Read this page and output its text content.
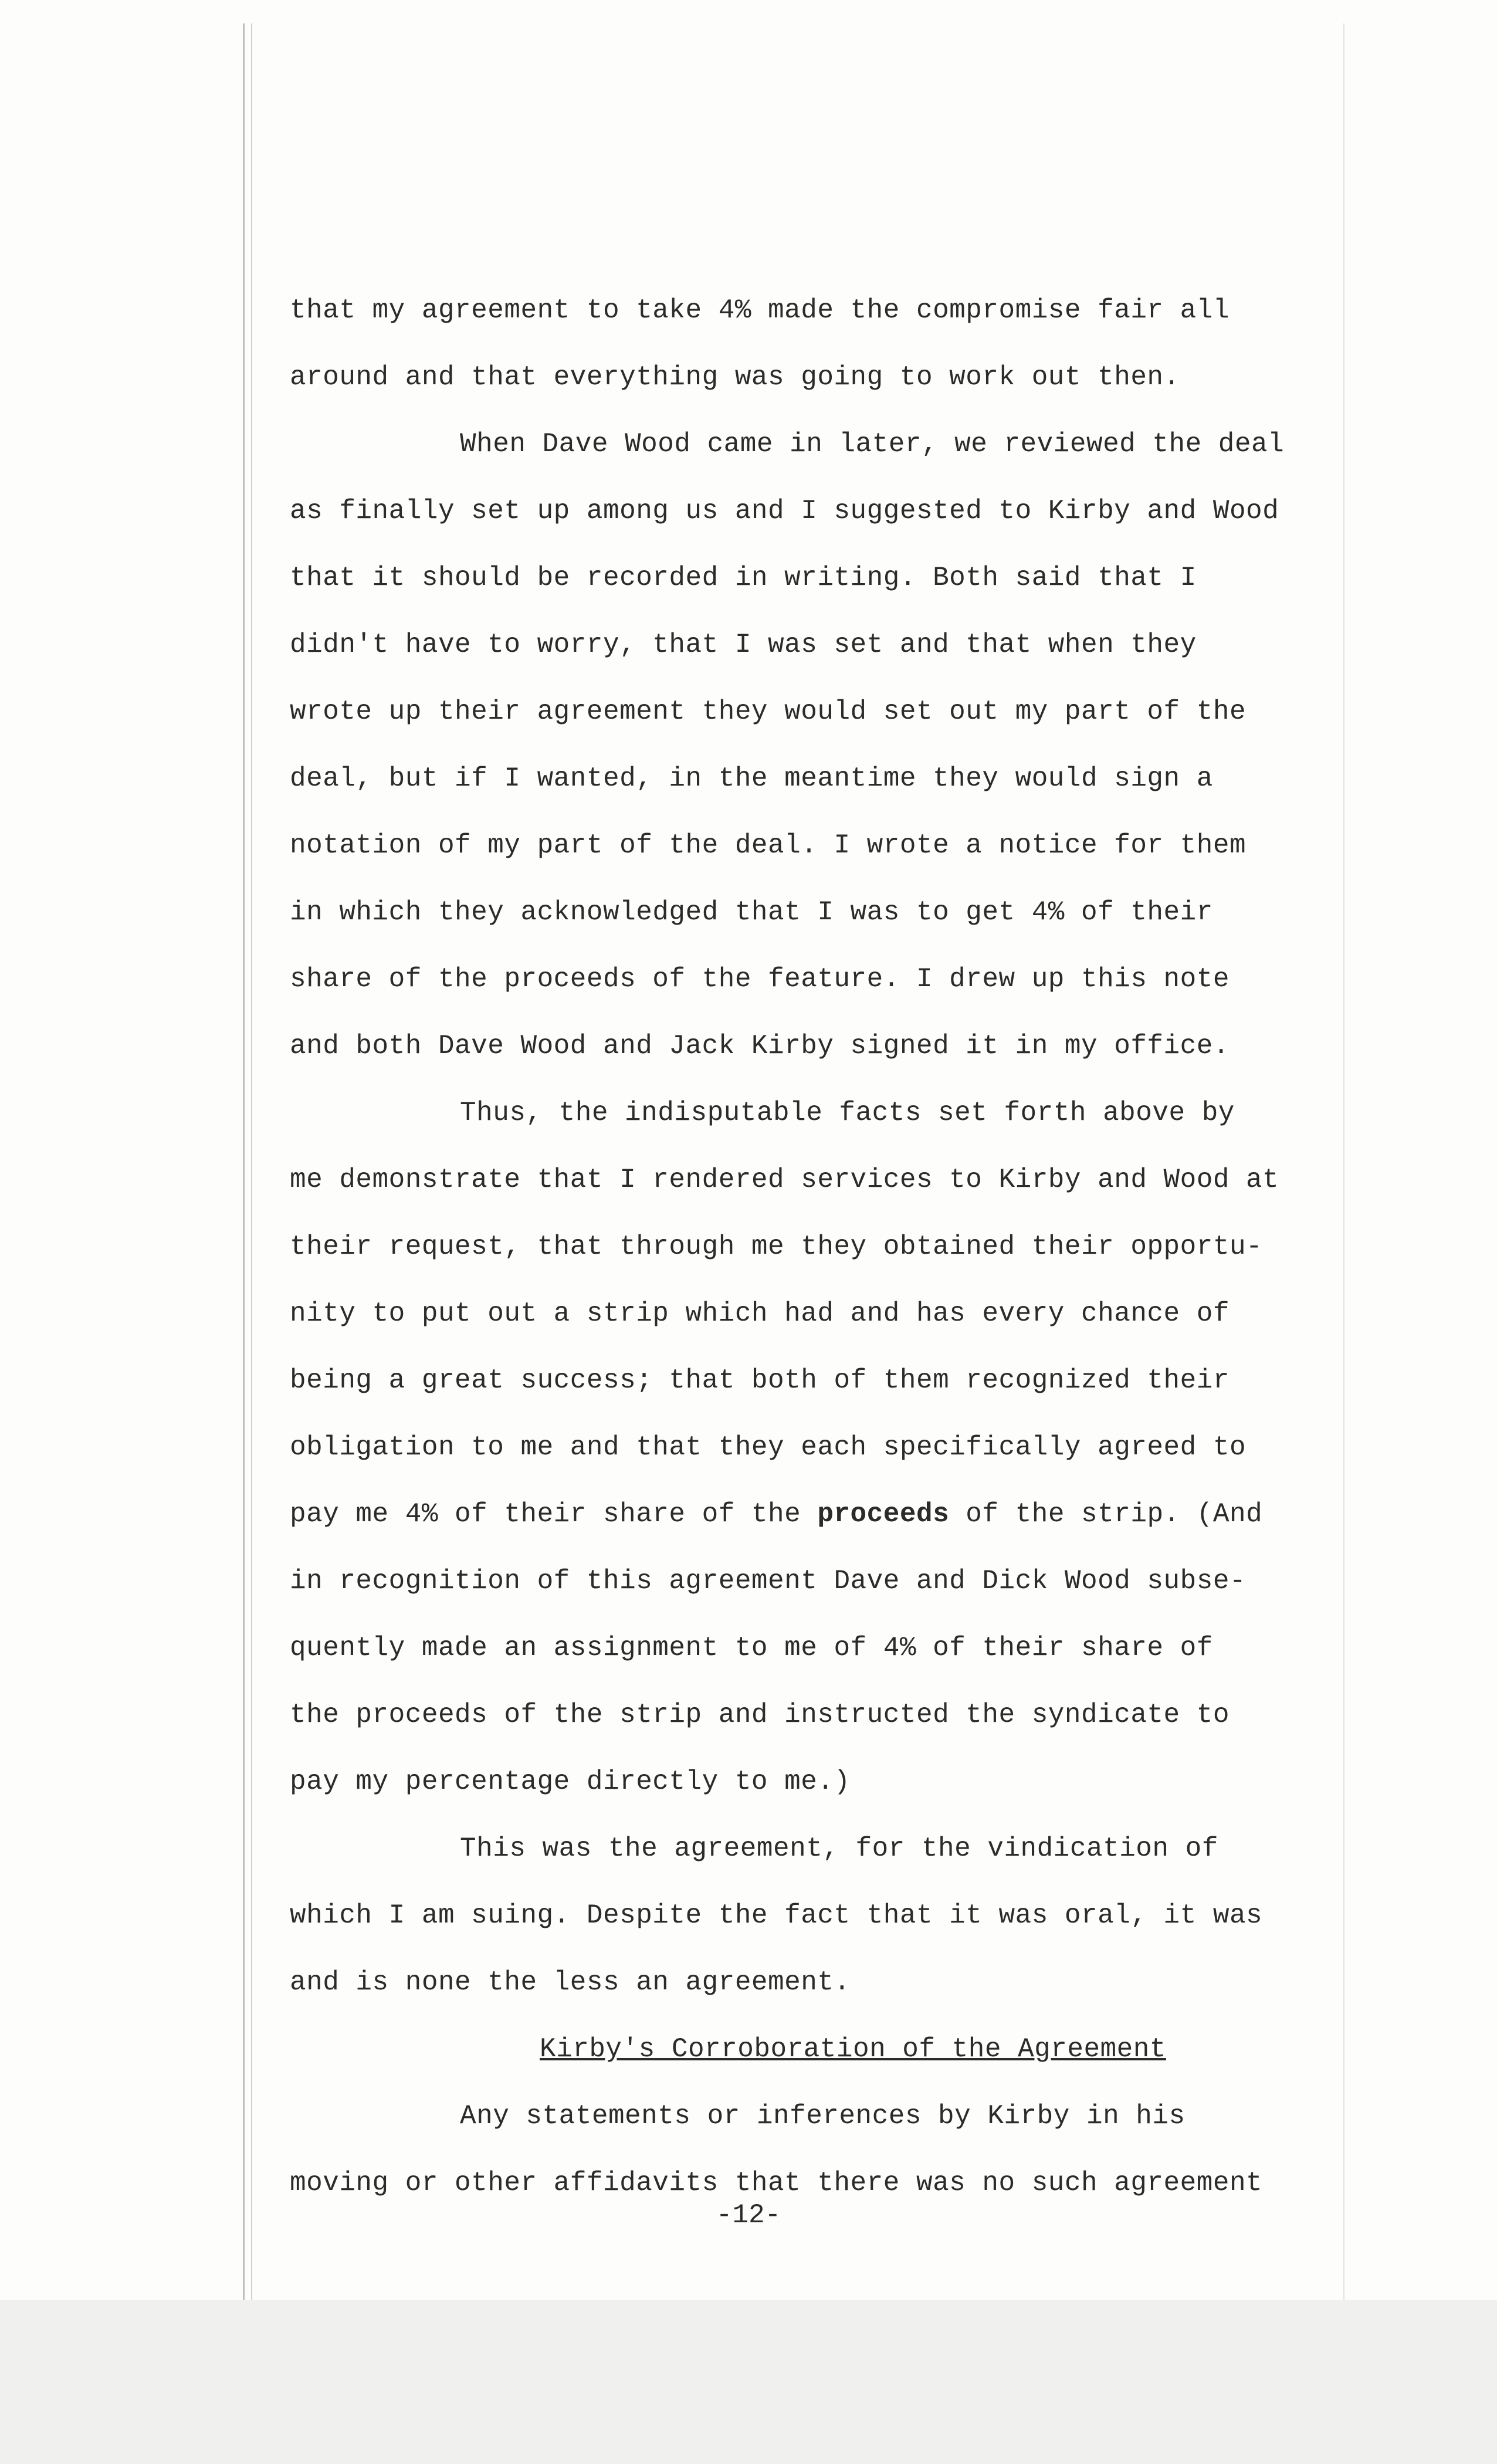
that my agreement to take 4% made the compromise fair all
around and that everything was going to work out then.
When Dave Wood came in later, we reviewed the deal
as finally set up among us and I suggested to Kirby and Wood
that it should be recorded in writing. Both said that I
didn't have to worry, that I was set and that when they
wrote up their agreement they would set out my part of the
deal, but if I wanted, in the meantime they would sign a
notation of my part of the deal. I wrote a notice for them
in which they acknowledged that I was to get 4% of their
share of the proceeds of the feature. I drew up this note
and both Dave Wood and Jack Kirby signed it in my office.
Thus, the indisputable facts set forth above by
me demonstrate that I rendered services to Kirby and Wood at
their request, that through me they obtained their opportu-
nity to put out a strip which had and has every chance of
being a great success; that both of them recognized their
obligation to me and that they each specifically agreed to
pay me 4% of their share of the proceeds of the strip. (And
in recognition of this agreement Dave and Dick Wood subse-
quently made an assignment to me of 4% of their share of
the proceeds of the strip and instructed the syndicate to
pay my percentage directly to me.)
This was the agreement, for the vindication of
which I am suing. Despite the fact that it was oral, it was
and is none the less an agreement.
Kirby's Corroboration of the Agreement
Any statements or inferences by Kirby in his
moving or other affidavits that there was no such agreement
-12-
